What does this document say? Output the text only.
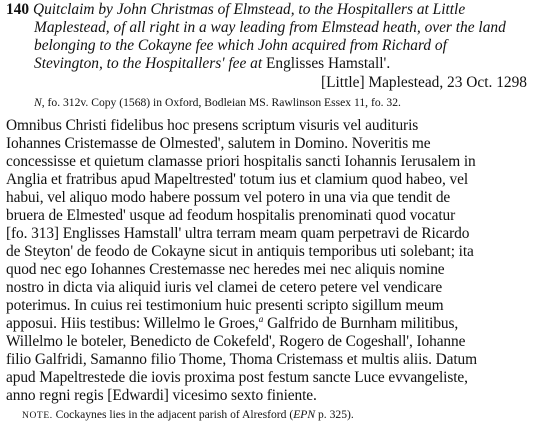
140 Quitclaim by John Christmas of Elmstead, to the Hospitallers at Little
Maplestead, of all right in a way leading from Elmstead heath, over the land
belonging to the Cokayne fee which John acquired from Richard of
Stevington, to the Hospitallers' fee at Englisses Hamstall'.
[Little] Maplestead, 23 Oct. 1298
N, fo. 312v. Copy (1568) in Oxford, Bodleian MS. Rawlinson Essex 11, fo. 32.
Omnibus Christi fidelibus hoc presens scriptum visuris vel audituris
Iohannes Cristemasse de Olmested', salutem in Domino. Noveritis me
concessisse et quietum clamasse priori hospitalis sancti Iohannis Ierusalem in
Anglia et fratribus apud Mapeltrested' totum ius et clamium quod habeo, vel
habui, vel aliquo modo habere possum vel potero in una via que tendit de
bruera de Elmested' usque ad feodum hospitalis prenominati quod vocatur
[fo. 313] Englisses Hamstall' ultra terram meam quam perpetravi de Ricardo
de Steyton' de feodo de Cokayne sicut in antiquis temporibus uti solebant; ita
quod nec ego Iohannes Crestemasse nec heredes mei nec aliquis nomine
nostro in dicta via aliquid iuris vel clamei de cetero petere vel vendicare
poterimus. In cuius rei testimonium huic presenti scripto sigillum meum
apposui. Hiis testibus: Willelmo le Groes,$^a$ Galfrido de Burnham militibus,
Willelmo le boteler, Benedicto de Cokefeld', Rogero de Cogeshall', Iohanne
filio Galfridi, Samanno filio Thome, Thoma Cristemass et multis aliis. Datum
apud Mapeltrestede die iovis proxima post festum sancte Luce evvangeliste,
anno regni regis [Edwardi] vicesimo sexto finiente.
NOTE. Cockaynes lies in the adjacent parish of Alresford (EPN p. 325).
